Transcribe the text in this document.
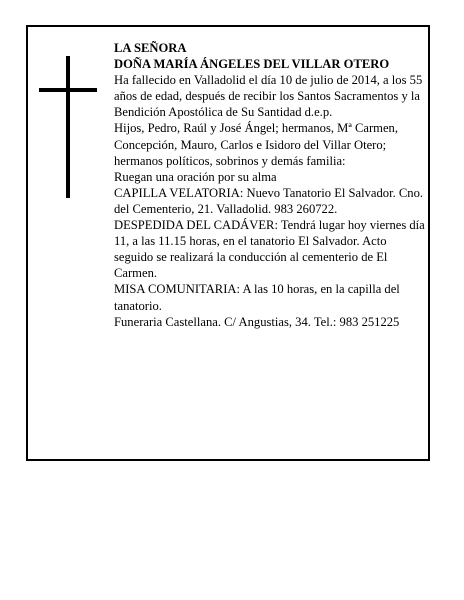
LA SEÑORA

DOÑA MARÍA ÁNGELES DEL VILLAR OTERO

Ha fallecido en Valladolid el día 10 de julio de 2014, a los 55 años de edad, después de recibir los Santos Sacramentos y la Bendición Apostólica de Su Santidad d.e.p.

Hijos, Pedro, Raúl y José Ángel; hermanos, Mª Carmen, Concepción, Mauro, Carlos e Isidoro del Villar Otero; hermanos políticos, sobrinos y demás familia:

Ruegan una oración por su alma

CAPILLA VELATORIA: Nuevo Tanatorio El Salvador. Cno. del Cementerio, 21. Valladolid. 983 260722.

DESPEDIDA DEL CADÁVER: Tendrá lugar hoy viernes día 11, a las 11.15 horas, en el tanatorio El Salvador. Acto seguido se realizará la conducción al cementerio de El Carmen.

MISA COMUNITARIA: A las 10 horas, en la capilla del tanatorio.

Funeraria Castellana. C/ Angustias, 34. Tel.: 983 251225
